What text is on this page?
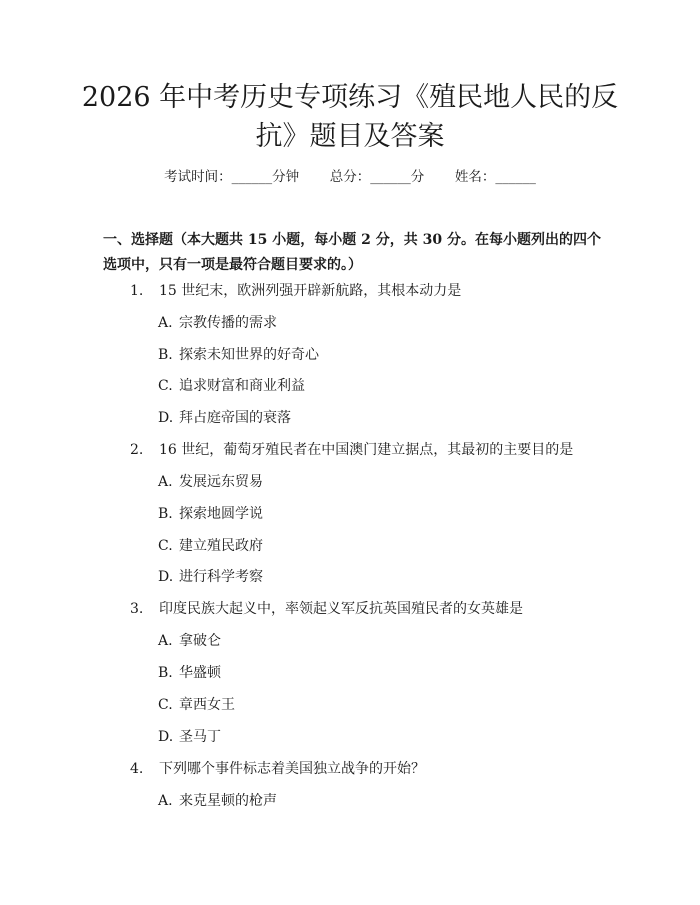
2026 年中考历史专项练习《殖民地人民的反
抗》题目及答案
考试时间：______分钟 总分：______分 姓名：______

一、选择题（本大题共 15 小题，每小题 2 分，共 30 分。在每小题列出的四个选项中，只有一项是最符合题目要求的。）

1. 15 世纪末，欧洲列强开辟新航路，其根本动力是
A. 宗教传播的需求
B. 探索未知世界的好奇心
C. 追求财富和商业利益
D. 拜占庭帝国的衰落
2. 16 世纪，葡萄牙殖民者在中国澳门建立据点，其最初的主要目的是
A. 发展远东贸易
B. 探索地圆学说
C. 建立殖民政府
D. 进行科学考察
3. 印度民族大起义中，率领起义军反抗英国殖民者的女英雄是
A. 拿破仑
B. 华盛顿
C. 章西女王
D. 圣马丁
4. 下列哪个事件标志着美国独立战争的开始？
A. 来克星顿的枪声
